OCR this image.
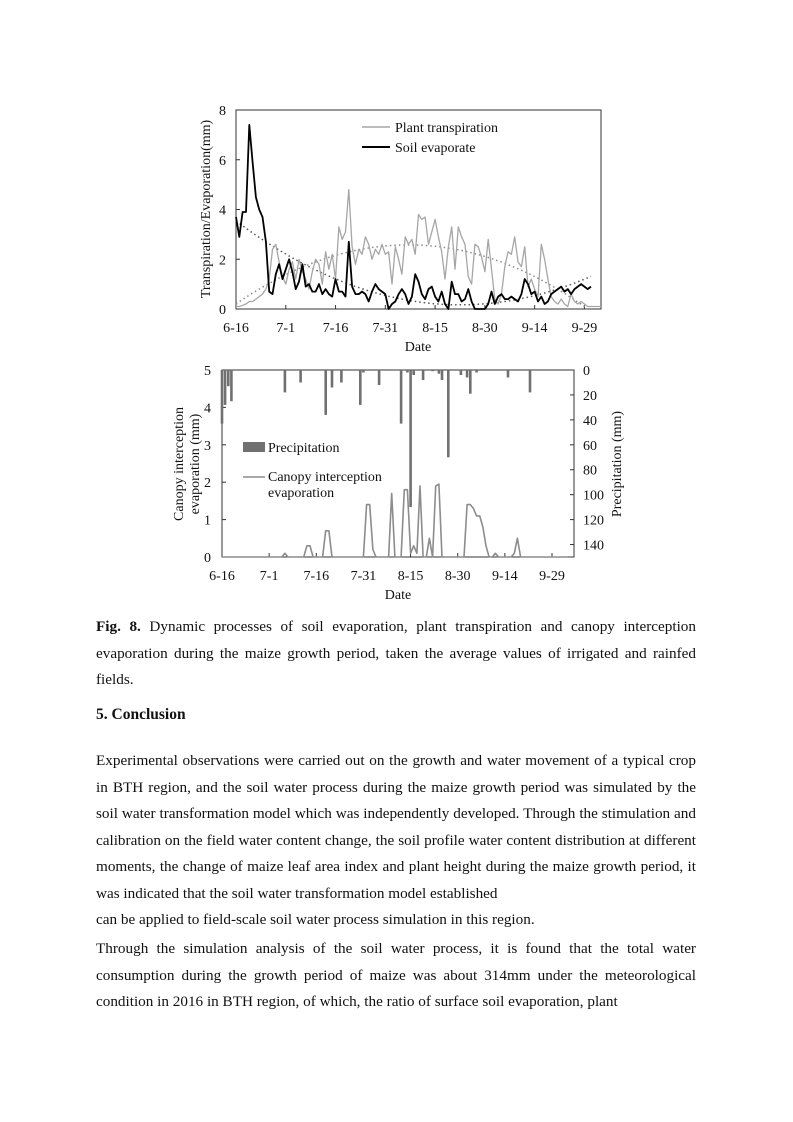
0
2
4
6
8
6-16 7-1 7-16 7-31 8-15 8-30 9-14 9-29
Transpiration/Evaporation(mm)
Date
Plant transpiration
Soil evaporate
0
1
2
3
4
5	0
20
40
60
80
100
120
140
6-16 7-1 7-16 7-31 8-15 8-30 9-14 9-29
Canopy interception evaporation (mm)	Precipitation (mm)
Date
Precipitation
Canopy interception
evaporation

Fig. 8. Dynamic processes of soil evaporation, plant transpiration and canopy interception evaporation during the maize growth period, taken the average values of irrigated and rainfed fields.

5. Conclusion

Experimental observations were carried out on the growth and water movement of a typical crop in BTH region, and the soil water process during the maize growth period was simulated by the soil water transformation model which was independently developed. Through the stimulation and calibration on the field water content change, the soil profile water content distribution at different moments, the change of maize leaf area index and plant height during the maize growth period, it was indicated that the soil water transformation model established
can be applied to field-scale soil water process simulation in this region.

Through the simulation analysis of the soil water process, it is found that the total water consumption during the growth period of maize was about 314mm under the meteorological condition in 2016 in BTH region, of which, the ratio of surface soil evaporation, plant
